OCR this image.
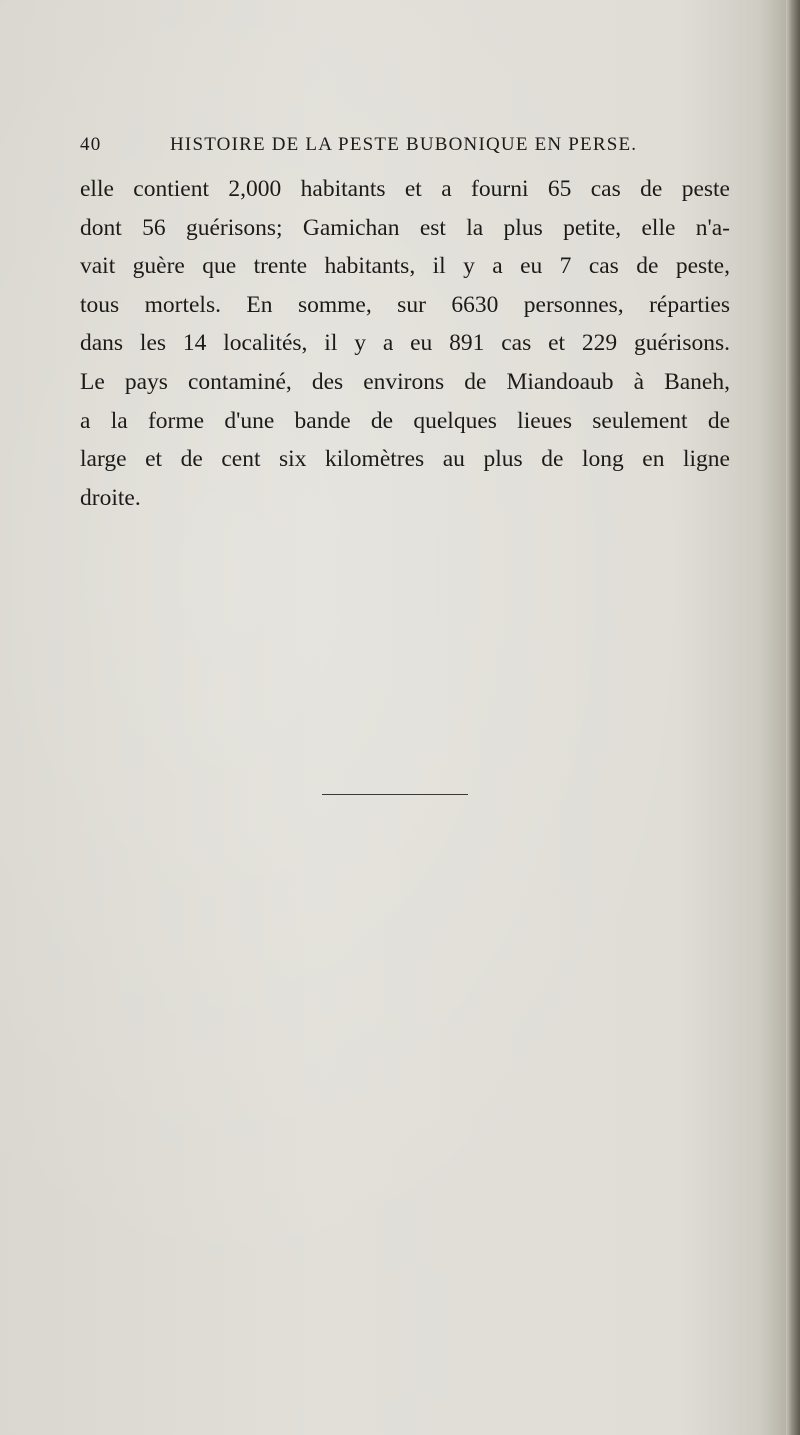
40	HISTOIRE DE LA PESTE BUBONIQUE EN PERSE.
elle contient 2,000 habitants et a fourni 65 cas de peste
dont 56 guérisons; Gamichan est la plus petite, elle n'a-
vait guère que trente habitants, il y a eu 7 cas de peste,
tous mortels. En somme, sur 6630 personnes, réparties
dans les 14 localités, il y a eu 891 cas et 229 guérisons.
Le pays contaminé, des environs de Miandoaub à Baneh,
a la forme d'une bande de quelques lieues seulement de
large et de cent six kilomètres au plus de long en ligne
droite.
